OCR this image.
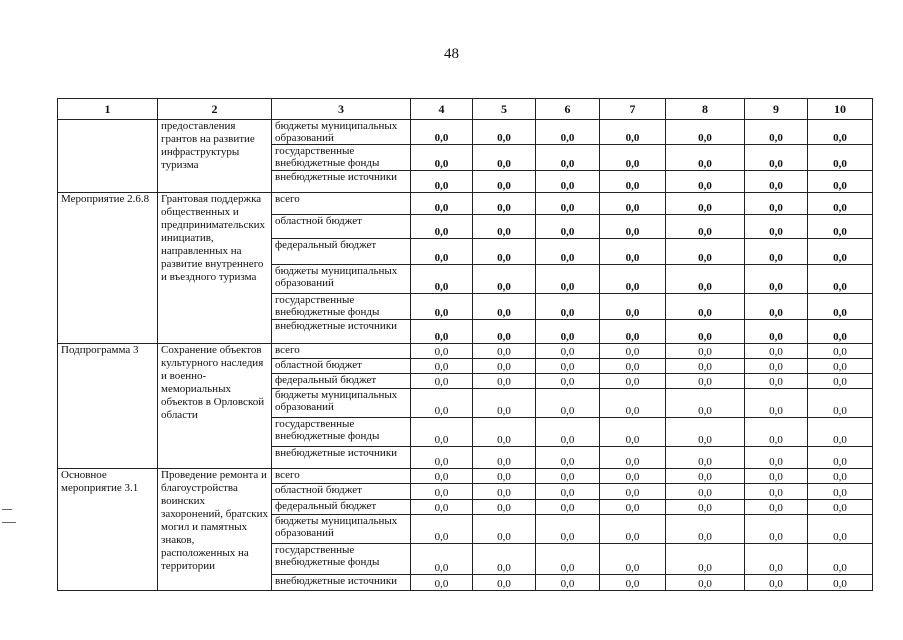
48
1	2	3	4	5	6	7	8	9	10
	предоставления грантов на развитие инфраструктуры туризма	бюджеты муниципальных образований	0,0	0,0	0,0	0,0	0,0	0,0	0,0
		государственные внебюджетные фонды	0,0	0,0	0,0	0,0	0,0	0,0	0,0
		внебюджетные источники	0,0	0,0	0,0	0,0	0,0	0,0	0,0
Мероприятие 2.6.8	Грантовая поддержка общественных и предпринимательских инициатив, направленных на развитие внутреннего и въездного туризма	всего	0,0	0,0	0,0	0,0	0,0	0,0	0,0
		областной бюджет	0,0	0,0	0,0	0,0	0,0	0,0	0,0
		федеральный бюджет	0,0	0,0	0,0	0,0	0,0	0,0	0,0
		бюджеты муниципальных образований	0,0	0,0	0,0	0,0	0,0	0,0	0,0
		государственные внебюджетные фонды	0,0	0,0	0,0	0,0	0,0	0,0	0,0
		внебюджетные источники	0,0	0,0	0,0	0,0	0,0	0,0	0,0
Подпрограмма 3	Сохранение объектов культурного наследия и военно-мемориальных объектов в Орловской области	всего	0,0	0,0	0,0	0,0	0,0	0,0	0,0
		областной бюджет	0,0	0,0	0,0	0,0	0,0	0,0	0,0
		федеральный бюджет	0,0	0,0	0,0	0,0	0,0	0,0	0,0
		бюджеты муниципальных образований	0,0	0,0	0,0	0,0	0,0	0,0	0,0
		государственные внебюджетные фонды	0,0	0,0	0,0	0,0	0,0	0,0	0,0
		внебюджетные источники	0,0	0,0	0,0	0,0	0,0	0,0	0,0
Основное мероприятие 3.1	Проведение ремонта и благоустройства воинских захоронений, братских могил и памятных знаков, расположенных на территории	всего	0,0	0,0	0,0	0,0	0,0	0,0	0,0
		областной бюджет	0,0	0,0	0,0	0,0	0,0	0,0	0,0
		федеральный бюджет	0,0	0,0	0,0	0,0	0,0	0,0	0,0
		бюджеты муниципальных образований	0,0	0,0	0,0	0,0	0,0	0,0	0,0
		государственные внебюджетные фонды	0,0	0,0	0,0	0,0	0,0	0,0	0,0
		внебюджетные источники	0,0	0,0	0,0	0,0	0,0	0,0	0,0
